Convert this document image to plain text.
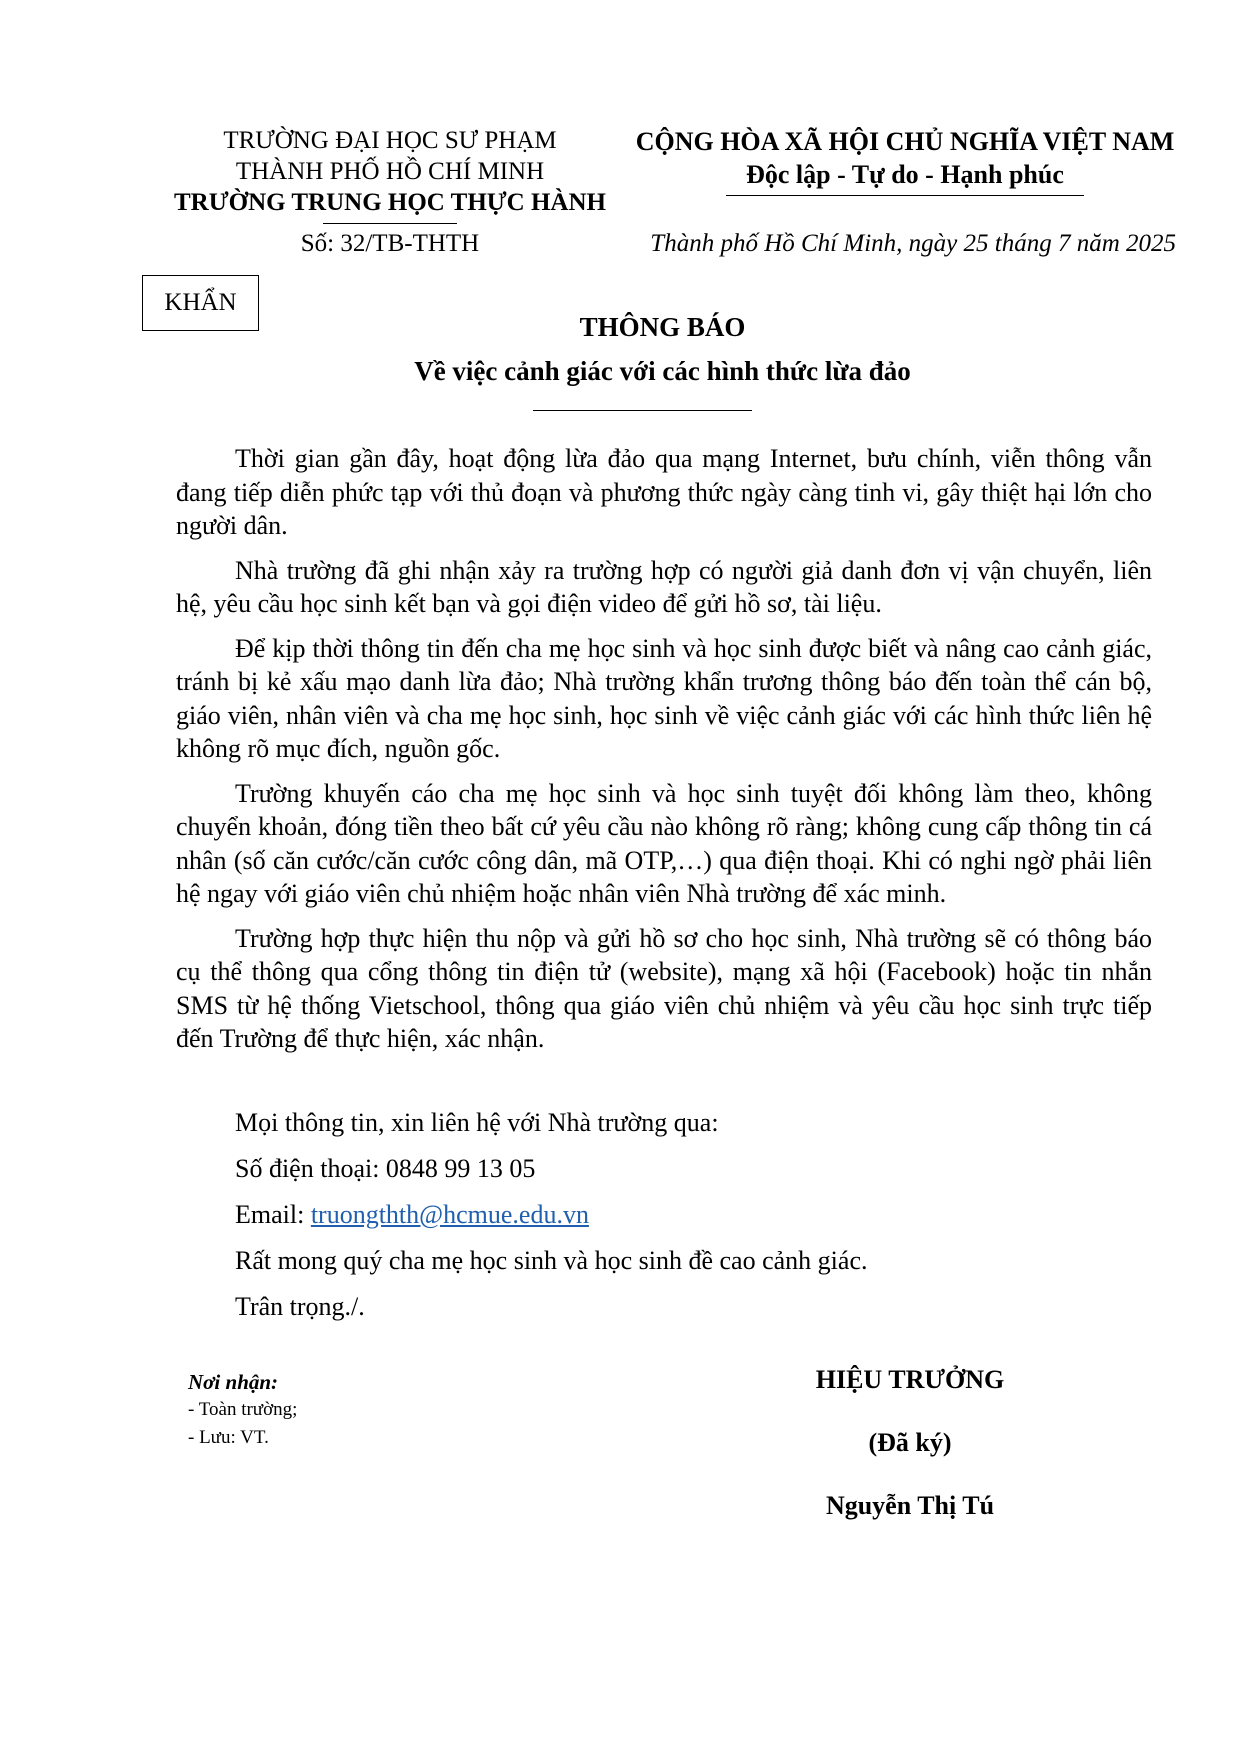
TRƯỜNG ĐẠI HỌC SƯ PHẠM
THÀNH PHỐ HỒ CHÍ MINH
TRƯỜNG TRUNG HỌC THỰC HÀNH
Số: 32/TB-THTH
CỘNG HÒA XÃ HỘI CHỦ NGHĨA VIỆT NAM
Độc lập - Tự do - Hạnh phúc
Thành phố Hồ Chí Minh, ngày 25 tháng 7 năm 2025
KHẨN
THÔNG BÁO
Về việc cảnh giác với các hình thức lừa đảo

Thời gian gần đây, hoạt động lừa đảo qua mạng Internet, bưu chính, viễn thông vẫn đang tiếp diễn phức tạp với thủ đoạn và phương thức ngày càng tinh vi, gây thiệt hại lớn cho người dân.

Nhà trường đã ghi nhận xảy ra trường hợp có người giả danh đơn vị vận chuyển, liên hệ, yêu cầu học sinh kết bạn và gọi điện video để gửi hồ sơ, tài liệu.

Để kịp thời thông tin đến cha mẹ học sinh và học sinh được biết và nâng cao cảnh giác, tránh bị kẻ xấu mạo danh lừa đảo; Nhà trường khẩn trương thông báo đến toàn thể cán bộ, giáo viên, nhân viên và cha mẹ học sinh, học sinh về việc cảnh giác với các hình thức liên hệ không rõ mục đích, nguồn gốc.

Trường khuyến cáo cha mẹ học sinh và học sinh tuyệt đối không làm theo, không chuyển khoản, đóng tiền theo bất cứ yêu cầu nào không rõ ràng; không cung cấp thông tin cá nhân (số căn cước/căn cước công dân, mã OTP,…) qua điện thoại. Khi có nghi ngờ phải liên hệ ngay với giáo viên chủ nhiệm hoặc nhân viên Nhà trường để xác minh.

Trường hợp thực hiện thu nộp và gửi hồ sơ cho học sinh, Nhà trường sẽ có thông báo cụ thể thông qua cổng thông tin điện tử (website), mạng xã hội (Facebook) hoặc tin nhắn SMS từ hệ thống Vietschool, thông qua giáo viên chủ nhiệm và yêu cầu học sinh trực tiếp đến Trường để thực hiện, xác nhận.

Mọi thông tin, xin liên hệ với Nhà trường qua:
Số điện thoại: 0848 99 13 05
Email: truongthth@hcmue.edu.vn
Rất mong quý cha mẹ học sinh và học sinh đề cao cảnh giác.
Trân trọng./.
Nơi nhận:
- Toàn trường;
- Lưu: VT.
HIỆU TRƯỞNG
(Đã ký)
Nguyễn Thị Tú
